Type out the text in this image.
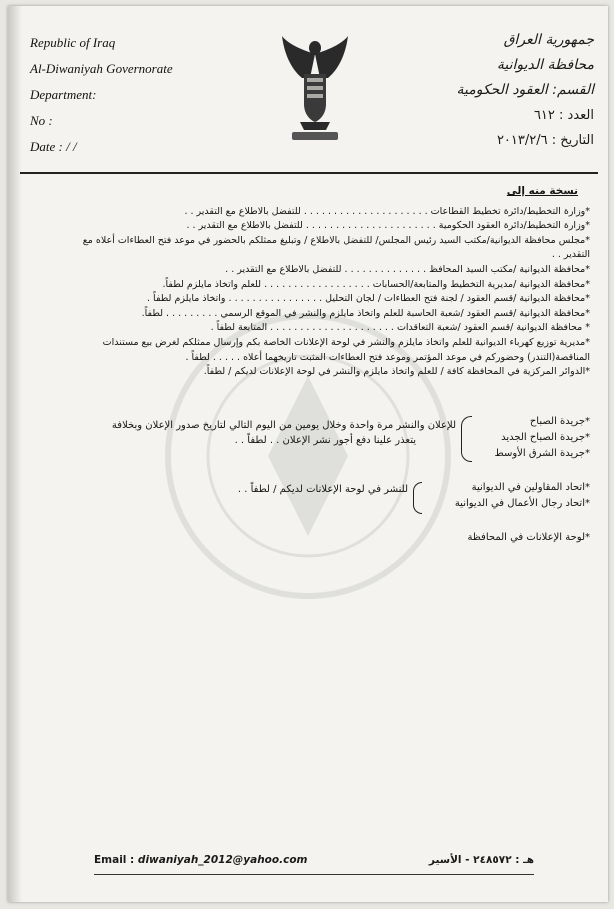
Republic of Iraq
Al-Diwaniyah Governorate
Department:
No :
Date : / /
جمهورية العراق
محافظة الديوانية
القسم: العقود الحكومية
العدد : ٦١٢
التاريخ : ٢٠١٣/٢/٦
نسخة منه إلى
*وزارة التخطيط/دائرة تخطيط القطاعات . . . . . . . . . . . . . . . . . . . . . للتفضل بالاطلاع مع التقدير . .
*وزارة التخطيط/دائرة العقود الحكومية . . . . . . . . . . . . . . . . . . . . . . للتفضل بالاطلاع مع التقدير . .
*مجلس محافظة الديوانية/مكتب السيد رئيس المجلس/ للتفضل بالاطلاع / وتبليغ ممثلكم بالحضور في موعد فتح العطاءات أعلاه مع التقدير . .
*محافظة الديوانية /مكتب السيد المحافظ . . . . . . . . . . . . . . للتفضل بالاطلاع مع التقدير . .
*محافظة الديوانية /مديرية التخطيط والمتابعة/الحسابات . . . . . . . . . . . . . . . . . . للعلم واتخاذ مايلزم لطفاً.
*محافظة الديوانية /قسم العقود / لجنة فتح العطاءات / لجان التحليل . . . . . . . . . . . . . . . . واتخاذ مايلزم لطفاً .
*محافظة الديوانية /قسم العقود /شعبة الحاسبة للعلم واتخاذ مايلزم والنشر في الموقع الرسمي . . . . . . . . . لطفاً.
* محافظة الديوانية /قسم العقود /شعبة التعاقدات . . . . . . . . . . . . . . . . . . . . . المتابعة لطفاً .
*مديرية توزيع كهرباء الديوانية للعلم واتخاذ مايلزم والنشر في لوحة الإعلانات الخاصة بكم وإرسال ممثلكم لغرض بيع مستندات المناقصة(التندر) وحضوركم في موعد المؤتمر وموعد فتح العطاءات المثبت تاريخهما أعلاه . . . . . لطفاً .
*الدوائر المركزية في المحافظة كافة / للعلم واتخاذ مايلزم والنشر في لوحة الإعلانات لديكم / لطفاً.
*جريدة الصباح
*جريدة الصباح الجديد
*جريدة الشرق الأوسط
للإعلان والنشر مرة واحدة وخلال يومين من اليوم التالي لتاريخ صدور الإعلان وبخلافة
يتعذر علينا دفع أجور نشر الإعلان . . لطفاً . .
*اتحاد المقاولين في الديوانية
*اتحاد رجال الأعمال في الديوانية
للنشر في لوحة الإعلانات لديكم / لطفاً . .
*لوحة الإعلانات في المحافظة
Email : diwaniyah_2012@yahoo.com	هـ : ٢٤٨٥٧٢ - الأسير
